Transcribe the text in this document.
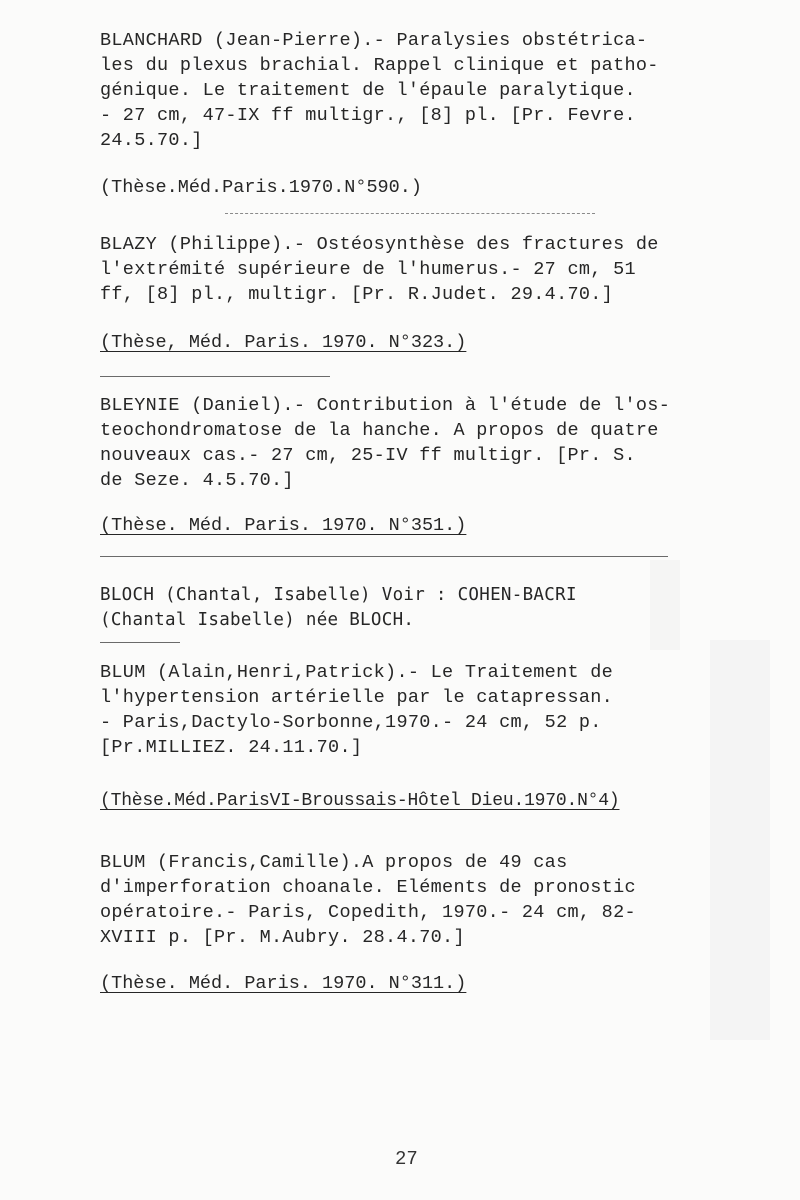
BLANCHARD (Jean-Pierre).- Paralysies obstétrica-
les du plexus brachial. Rappel clinique et patho-
génique. Le traitement de l'épaule paralytique.
- 27 cm, 47-IX ff multigr., [8] pl. [Pr. Fevre.
24.5.70.]
(Thèse.Méd.Paris.1970.N°590.)
BLAZY (Philippe).- Ostéosynthèse des fractures de
l'extrémité supérieure de l'humerus.- 27 cm, 51
ff, [8] pl., multigr. [Pr. R.Judet. 29.4.70.]
(Thèse, Méd. Paris. 1970. N°323.)
BLEYNIE (Daniel).- Contribution à l'étude de l'os-
teochondromatose de la hanche. A propos de quatre
nouveaux cas.- 27 cm, 25-IV ff multigr. [Pr. S.
de Seze. 4.5.70.]
(Thèse. Méd. Paris. 1970. N°351.)
BLOCH (Chantal, Isabelle) Voir : COHEN-BACRI
(Chantal Isabelle) née BLOCH.
BLUM (Alain,Henri,Patrick).- Le Traitement de
l'hypertension artérielle par le catapressan.
- Paris,Dactylo-Sorbonne,1970.- 24 cm, 52 p.
[Pr.MILLIEZ. 24.11.70.]
(Thèse.Méd.ParisVI-Broussais-Hôtel Dieu.1970.N°4)
BLUM (Francis,Camille).A propos de 49 cas
d'imperforation choanale. Eléments de pronostic
opératoire.- Paris, Copedith, 1970.- 24 cm, 82-
XVIII p. [Pr. M.Aubry. 28.4.70.]
(Thèse. Méd. Paris. 1970. N°311.)
27
